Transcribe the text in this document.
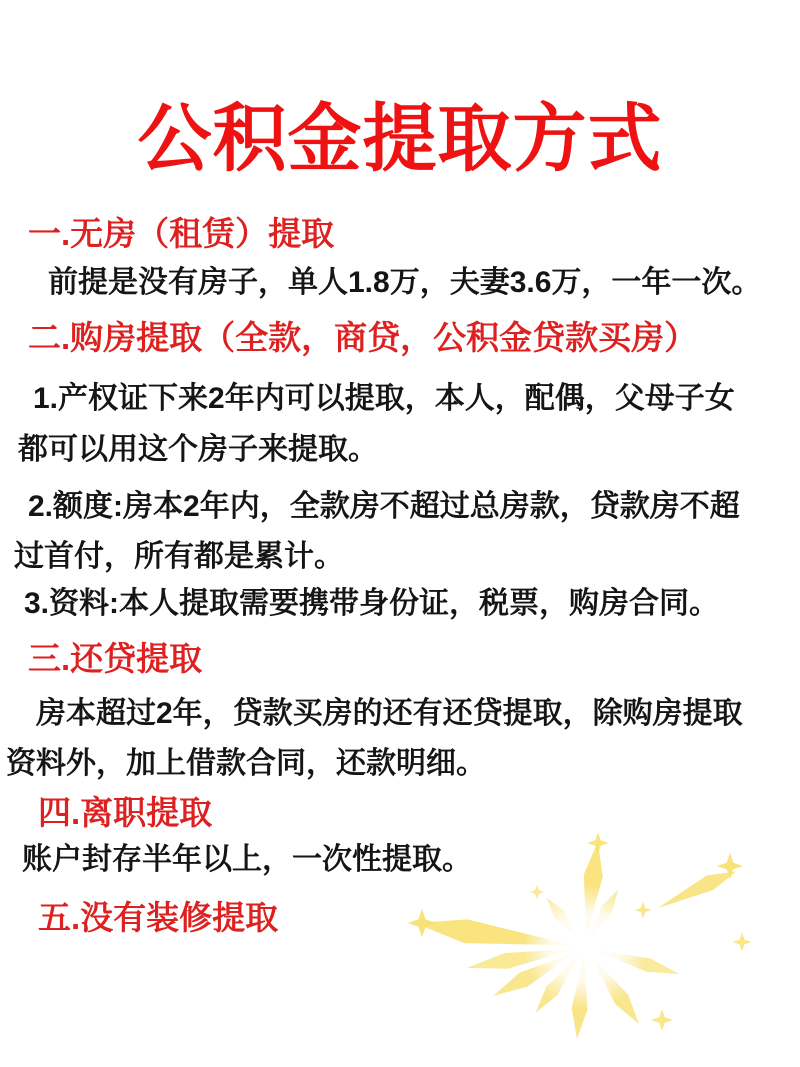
公积金提取方式
一.无房（租赁）提取
前提是没有房子，单人1.8万，夫妻3.6万，一年一次。
二.购房提取（全款，商贷，公积金贷款买房）
1.产权证下来2年内可以提取，本人，配偶，父母子女
都可以用这个房子来提取。
2.额度:房本2年内，全款房不超过总房款，贷款房不超
过首付，所有都是累计。
3.资料:本人提取需要携带身份证，税票，购房合同。
三.还贷提取
房本超过2年，贷款买房的还有还贷提取，除购房提取
资料外，加上借款合同，还款明细。
四.离职提取
账户封存半年以上，一次性提取。
五.没有装修提取
